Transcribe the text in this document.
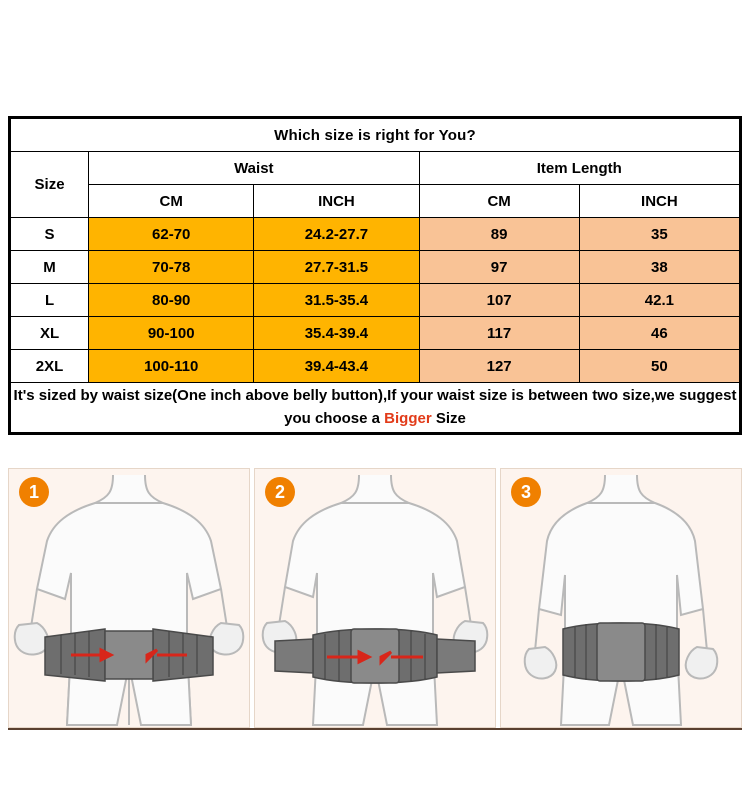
Which size is right for You?				
Size	Waist		Item Length	
	CM	INCH	CM	INCH
S	62-70	24.2-27.7	89	35
M	70-78	27.7-31.5	97	38
L	80-90	31.5-35.4	107	42.1
XL	90-100	35.4-39.4	117	46
2XL	100-110	39.4-43.4	127	50
It's sized by waist size(One inch above belly button),If your waist size is between two size,we suggest you choose a Bigger Size				
1	2	3
